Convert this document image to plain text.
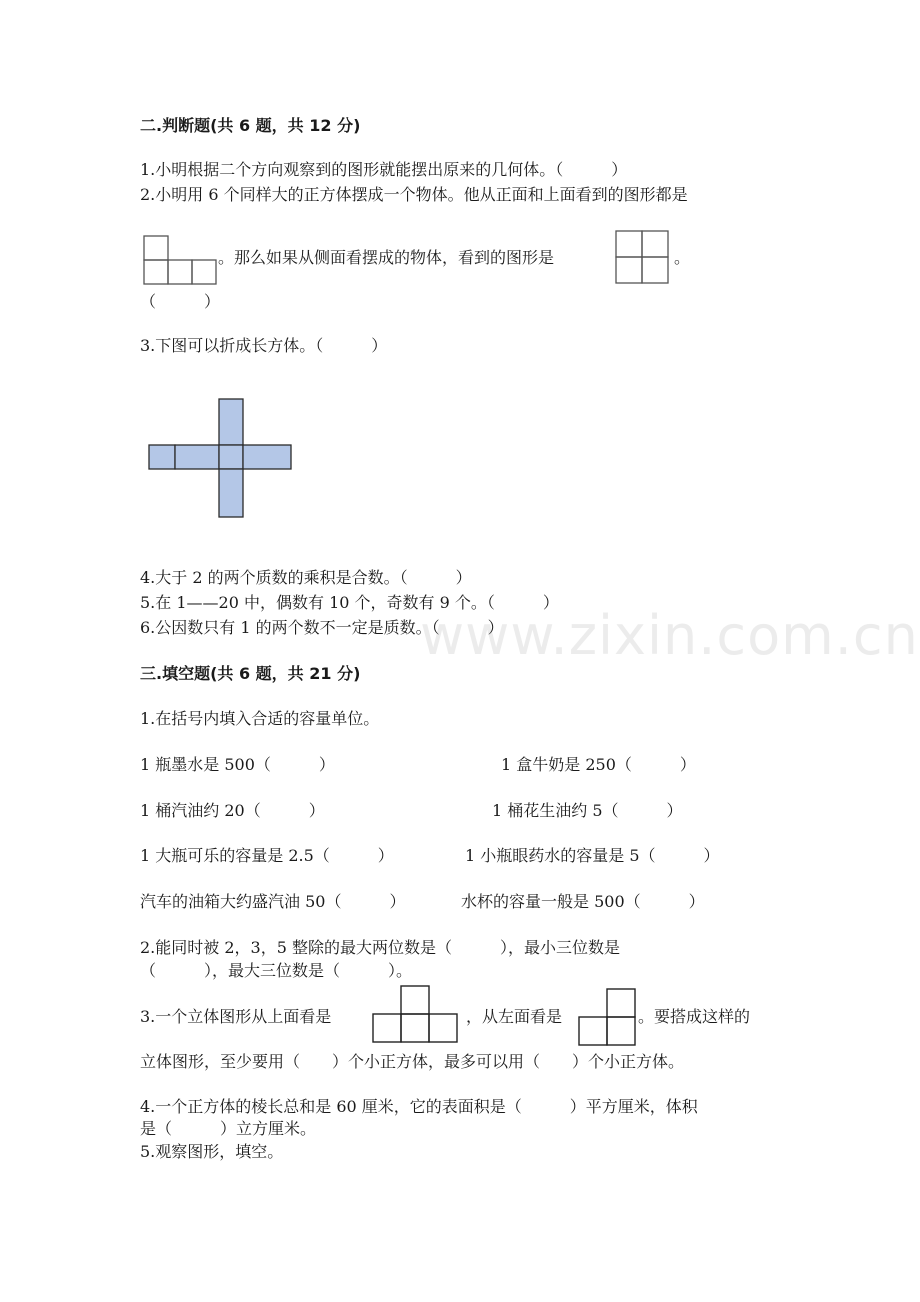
www.zixin.com.cn
二.判断题(共 6 题，共 12 分)
1.小明根据二个方向观察到的图形就能摆出原来的几何体。（　　　）
2.小明用 6 个同样大的正方体摆成一个物体。他从正面和上面看到的图形都是
。那么如果从侧面看摆成的物体，看到的图形是	。
（　　　）
3.下图可以折成长方体。（　　　）
4.大于 2 的两个质数的乘积是合数。（　　　）
5.在 1——20 中，偶数有 10 个，奇数有 9 个。（　　　）
6.公因数只有 1 的两个数不一定是质数。（　　　）
三.填空题(共 6 题，共 21 分)
1.在括号内填入合适的容量单位。
1 瓶墨水是 500（　　　）	1 盒牛奶是 250（　　　）
1 桶汽油约 20（　　　）	1 桶花生油约 5（　　　）
1 大瓶可乐的容量是 2.5（　　　）	1 小瓶眼药水的容量是 5（　　　）
汽车的油箱大约盛汽油 50（　　　）	水杯的容量一般是 500（　　　）
2.能同时被 2，3，5 整除的最大两位数是（　　　），最小三位数是
（　　　），最大三位数是（　　　）。
3.一个立体图形从上面看是	，从左面看是	。要搭成这样的
立体图形，至少要用（　　）个小正方体，最多可以用（　　）个小正方体。
4.一个正方体的棱长总和是 60 厘米，它的表面积是（　　　）平方厘米，体积
是（　　　）立方厘米。
5.观察图形，填空。
